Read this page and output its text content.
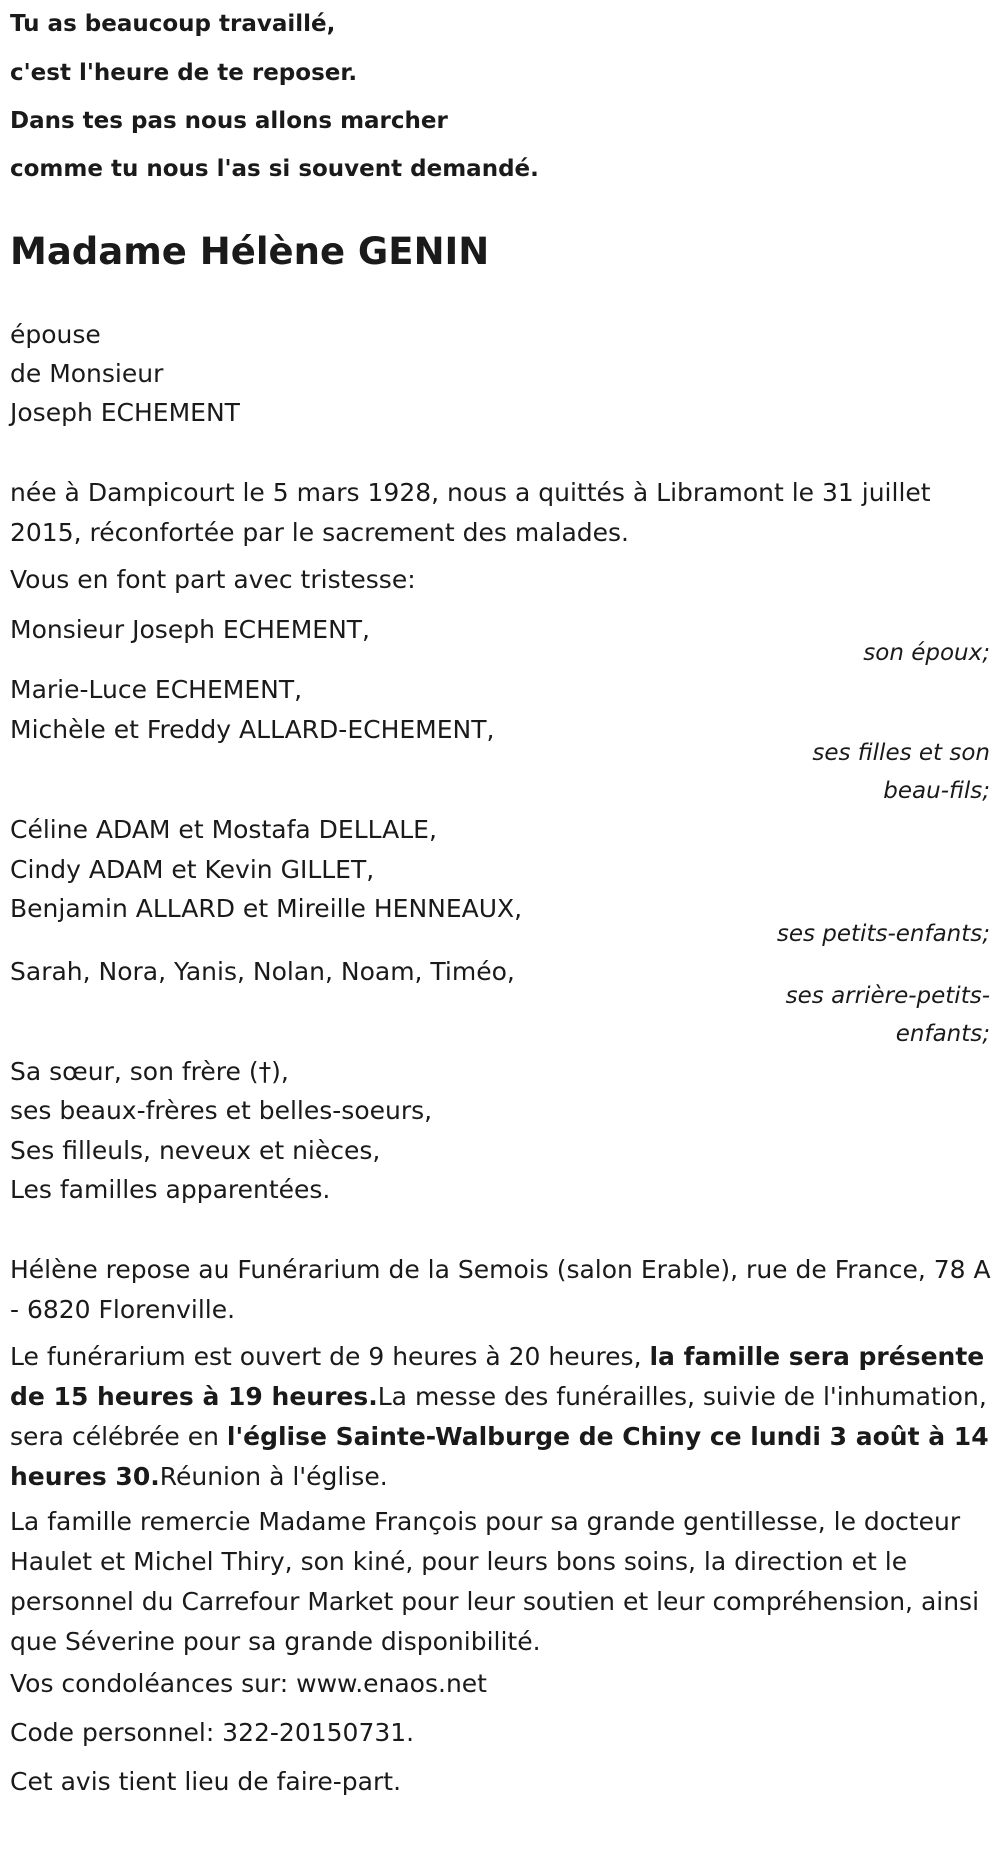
Tu as beaucoup travaillé,

c'est l'heure de te reposer.

Dans tes pas nous allons marcher

comme tu nous l'as si souvent demandé.

Madame Hélène GENIN

épouse

de Monsieur

Joseph ECHEMENT

née à Dampicourt le 5 mars 1928, nous a quittés à Libramont le 31 juillet 2015, réconfortée par le sacrement des malades.

Vous en font part avec tristesse:

Monsieur Joseph ECHEMENT,

son époux;

Marie-Luce ECHEMENT,

Michèle et Freddy ALLARD-ECHEMENT,

ses filles et son

beau-fils;

Céline ADAM et Mostafa DELLALE,

Cindy ADAM et Kevin GILLET,

Benjamin ALLARD et Mireille HENNEAUX,

ses petits-enfants;

Sarah, Nora, Yanis, Nolan, Noam, Timéo,

ses arrière-petits-

enfants;

Sa sœur, son frère (†),

ses beaux-frères et belles-soeurs,

Ses filleuls, neveux et nièces,

Les familles apparentées.

Hélène repose au Funérarium de la Semois (salon Erable), rue de France, 78 A - 6820 Florenville.

Le funérarium est ouvert de 9 heures à 20 heures, la famille sera présente de 15 heures à 19 heures.La messe des funérailles, suivie de l'inhumation, sera célébrée en l'église Sainte-Walburge de Chiny ce lundi 3 août à 14 heures 30.Réunion à l'église.

La famille remercie Madame François pour sa grande gentillesse, le docteur Haulet et Michel Thiry, son kiné, pour leurs bons soins, la direction et le personnel du Carrefour Market pour leur soutien et leur compréhension, ainsi que Séverine pour sa grande disponibilité.

Vos condoléances sur: www.enaos.net

Code personnel: 322-20150731.

Cet avis tient lieu de faire-part.
